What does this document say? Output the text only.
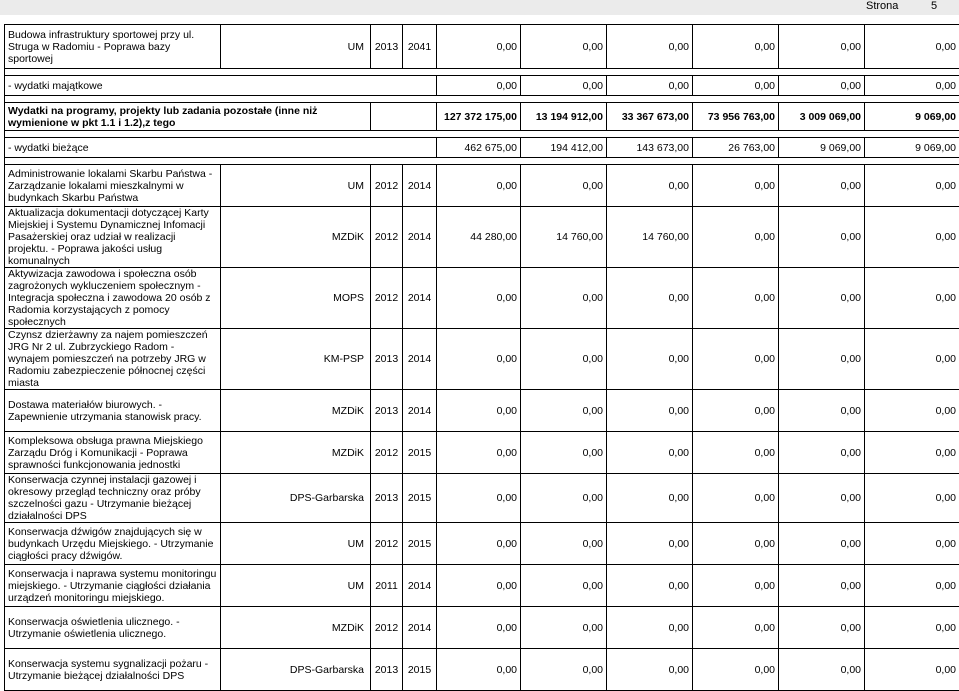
Strona	5
Budowa infrastruktury sportowej przy ul. Struga w Radomiu - Poprawa bazy sportowej	UM	2013	2041	0,00	0,00	0,00	0,00	0,00	0,00

- wydatki majątkowe				0,00	0,00	0,00	0,00	0,00	0,00

Wydatki na programy, projekty lub zadania pozostałe (inne niż wymienione w pkt 1.1 i 1.2),z tego				127 372 175,00	13 194 912,00	33 367 673,00	73 956 763,00	3 009 069,00	9 069,00

- wydatki bieżące				462 675,00	194 412,00	143 673,00	26 763,00	9 069,00	9 069,00

Administrowanie lokalami Skarbu Państwa - Zarządzanie lokalami mieszkalnymi w budynkach Skarbu Państwa	UM	2012	2014	0,00	0,00	0,00	0,00	0,00	0,00
Aktualizacja dokumentacji dotyczącej Karty Miejskiej i Systemu Dynamicznej Infomacji Pasażerskiej oraz udział w realizacji projektu. - Poprawa jakości usług komunalnych	MZDiK	2012	2014	44 280,00	14 760,00	14 760,00	0,00	0,00	0,00
Aktywizacja zawodowa i społeczna osób zagrożonych wykluczeniem społecznym - Integracja społeczna i zawodowa 20 osób z Radomia korzystających z pomocy społecznych	MOPS	2012	2014	0,00	0,00	0,00	0,00	0,00	0,00
Czynsz dzierżawny za najem pomieszczeń JRG Nr 2 ul. Zubrzyckiego Radom - wynajem pomieszczeń na potrzeby JRG w Radomiu zabezpieczenie północnej części miasta	KM-PSP	2013	2014	0,00	0,00	0,00	0,00	0,00	0,00
Dostawa materiałów biurowych. - Zapewnienie utrzymania stanowisk pracy.	MZDiK	2013	2014	0,00	0,00	0,00	0,00	0,00	0,00
Kompleksowa obsługa prawna Miejskiego Zarządu Dróg i Komunikacji - Poprawa sprawności funkcjonowania jednostki	MZDiK	2012	2015	0,00	0,00	0,00	0,00	0,00	0,00
Konserwacja czynnej instalacji gazowej i okresowy przegląd techniczny oraz próby szczelności gazu - Utrzymanie bieżącej działalności DPS	DPS-Garbarska	2013	2015	0,00	0,00	0,00	0,00	0,00	0,00
Konserwacja dźwigów znajdujących się w budynkach Urzędu Miejskiego. - Utrzymanie ciągłości pracy dźwigów.	UM	2012	2015	0,00	0,00	0,00	0,00	0,00	0,00
Konserwacja i naprawa systemu monitoringu miejskiego. - Utrzymanie ciągłości działania urządzeń monitoringu miejskiego.	UM	2011	2014	0,00	0,00	0,00	0,00	0,00	0,00
Konserwacja oświetlenia ulicznego. - Utrzymanie oświetlenia ulicznego.	MZDiK	2012	2014	0,00	0,00	0,00	0,00	0,00	0,00
Konserwacja systemu sygnalizacji pożaru - Utrzymanie bieżącej działalności DPS	DPS-Garbarska	2013	2015	0,00	0,00	0,00	0,00	0,00	0,00
